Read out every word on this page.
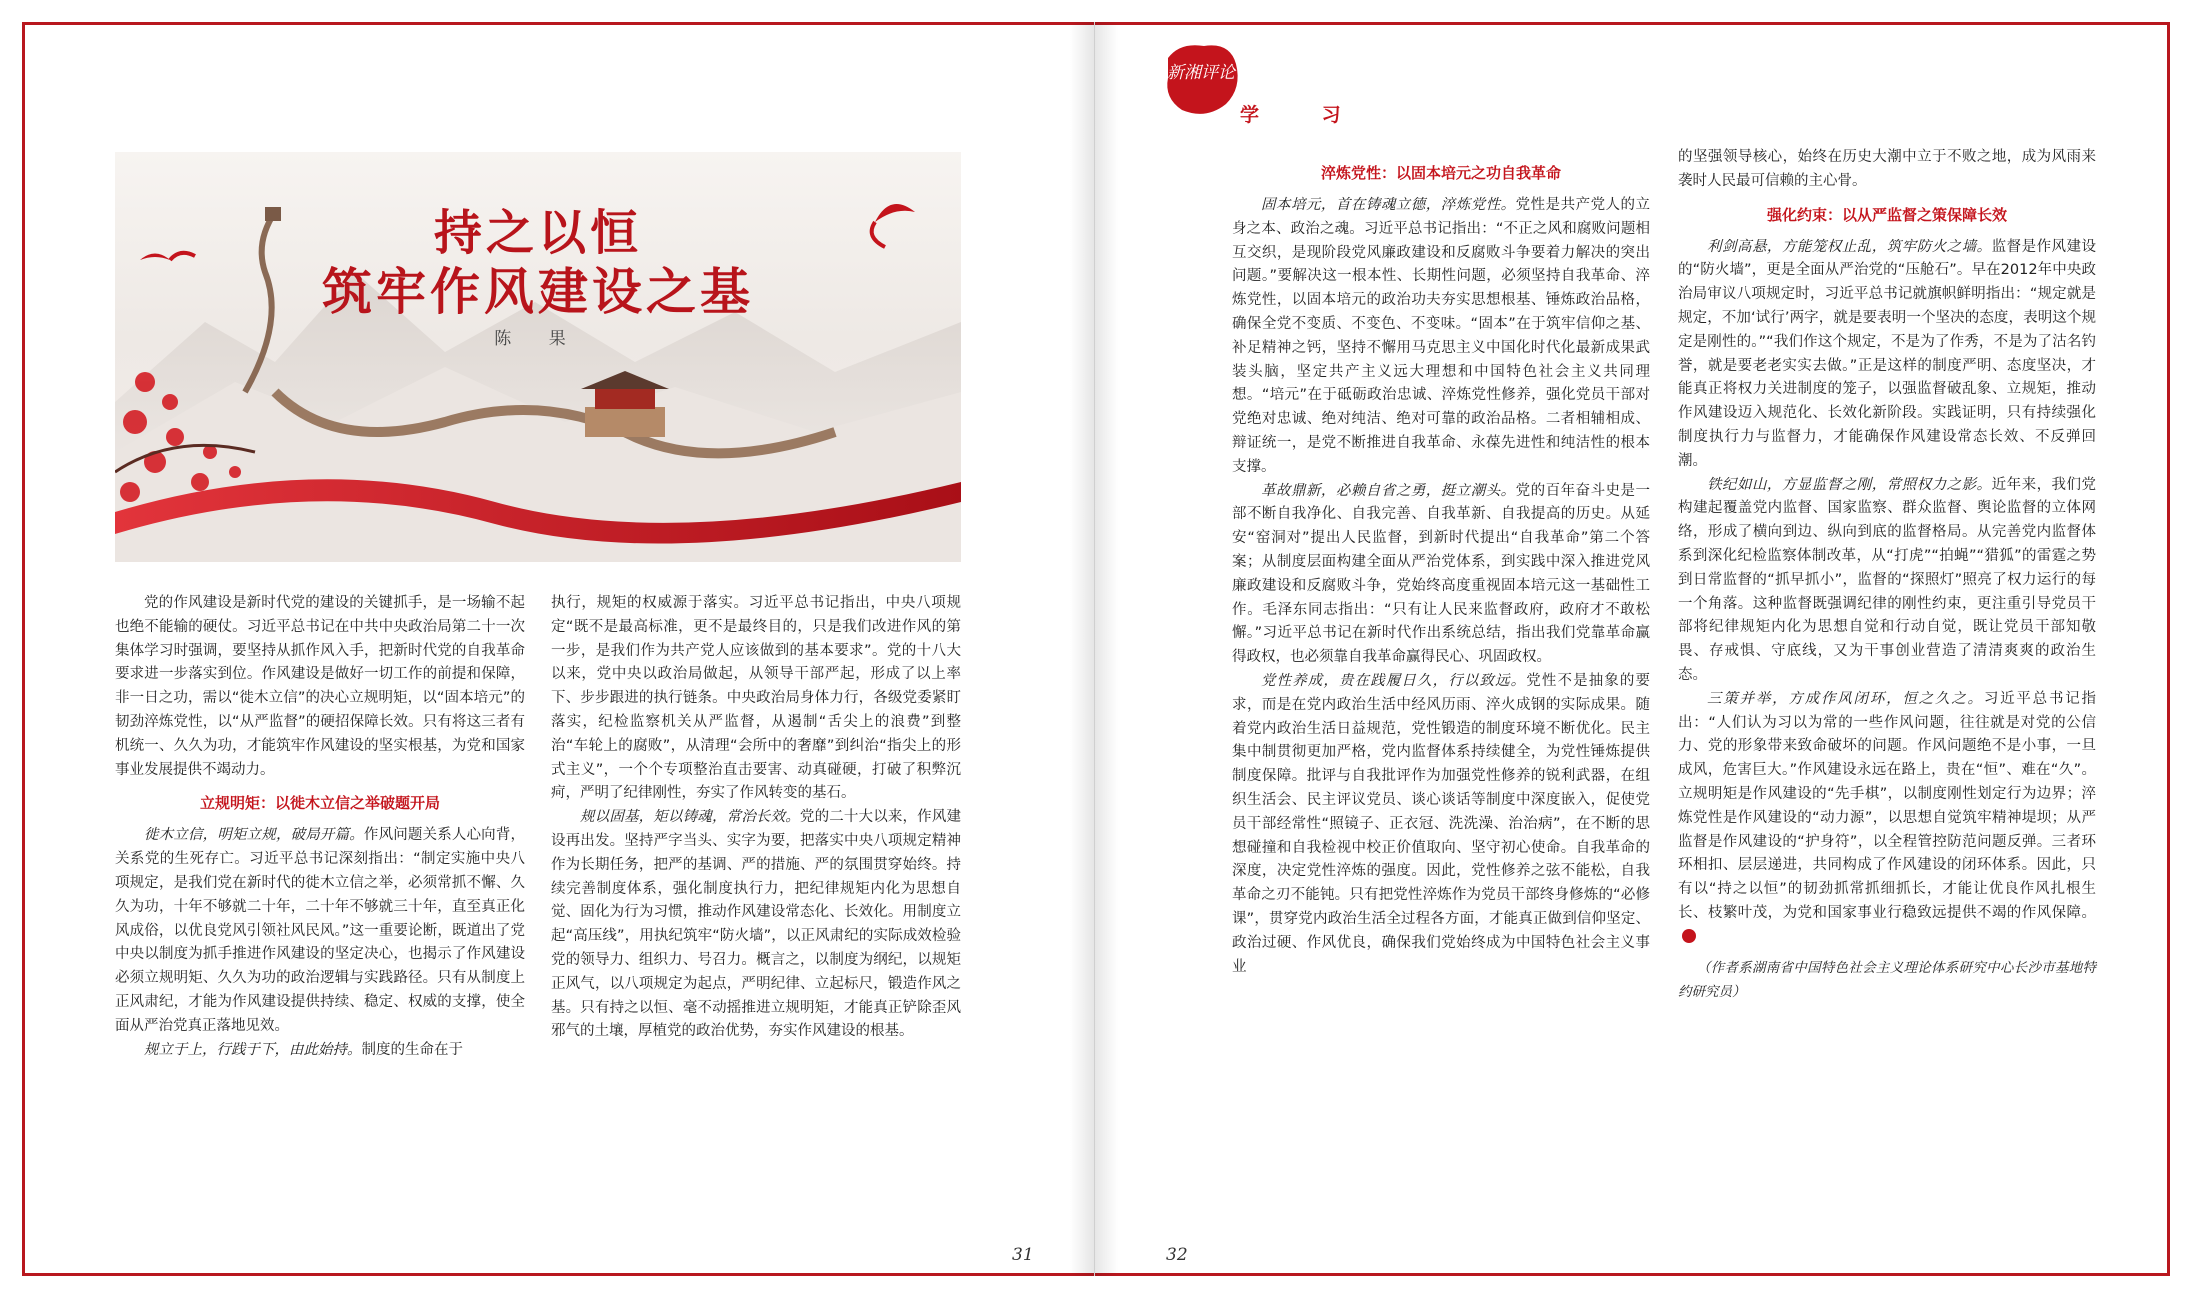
持之以恒
筑牢作风建设之基
陈 果

党的作风建设是新时代党的建设的关键抓手，是一场输不起也绝不能输的硬仗。习近平总书记在中共中央政治局第二十一次集体学习时强调，要坚持从抓作风入手，把新时代党的自我革命要求进一步落实到位。作风建设是做好一切工作的前提和保障，非一日之功，需以“徙木立信”的决心立规明矩，以“固本培元”的韧劲淬炼党性，以“从严监督”的硬招保障长效。只有将这三者有机统一、久久为功，才能筑牢作风建设的坚实根基，为党和国家事业发展提供不竭动力。

立规明矩：以徙木立信之举破题开局

徙木立信，明矩立规，破局开篇。作风问题关系人心向背，关系党的生死存亡。习近平总书记深刻指出：“制定实施中央八项规定，是我们党在新时代的徙木立信之举，必须常抓不懈、久久为功，十年不够就二十年，二十年不够就三十年，直至真正化风成俗，以优良党风引领社风民风。”这一重要论断，既道出了党中央以制度为抓手推进作风建设的坚定决心，也揭示了作风建设必须立规明矩、久久为功的政治逻辑与实践路径。只有从制度上正风肃纪，才能为作风建设提供持续、稳定、权威的支撑，使全面从严治党真正落地见效。

规立于上，行践于下，由此始持。制度的生命在于

执行，规矩的权威源于落实。习近平总书记指出，中央八项规定“既不是最高标准，更不是最终目的，只是我们改进作风的第一步，是我们作为共产党人应该做到的基本要求”。党的十八大以来，党中央以政治局做起，从领导干部严起，形成了以上率下、步步跟进的执行链条。中央政治局身体力行，各级党委紧盯落实，纪检监察机关从严监督，从遏制“舌尖上的浪费”到整治“车轮上的腐败”，从清理“会所中的奢靡”到纠治“指尖上的形式主义”，一个个专项整治直击要害、动真碰硬，打破了积弊沉疴，严明了纪律刚性，夯实了作风转变的基石。

规以固基，矩以铸魂，常治长效。党的二十大以来，作风建设再出发。坚持严字当头、实字为要，把落实中央八项规定精神作为长期任务，把严的基调、严的措施、严的氛围贯穿始终。持续完善制度体系，强化制度执行力，把纪律规矩内化为思想自觉、固化为行为习惯，推动作风建设常态化、长效化。用制度立起“高压线”，用执纪筑牢“防火墙”，以正风肃纪的实际成效检验党的领导力、组织力、号召力。概言之，以制度为纲纪，以规矩正风气，以八项规定为起点，严明纪律、立起标尺，锻造作风之基。只有持之以恒、毫不动摇推进立规明矩，才能真正铲除歪风邪气的土壤，厚植党的政治优势，夯实作风建设的根基。

31
新湘评论
学 习
淬炼党性：以固本培元之功自我革命

固本培元，首在铸魂立德，淬炼党性。党性是共产党人的立身之本、政治之魂。习近平总书记指出：“不正之风和腐败问题相互交织，是现阶段党风廉政建设和反腐败斗争要着力解决的突出问题。”要解决这一根本性、长期性问题，必须坚持自我革命、淬炼党性，以固本培元的政治功夫夯实思想根基、锤炼政治品格，确保全党不变质、不变色、不变味。“固本”在于筑牢信仰之基、补足精神之钙，坚持不懈用马克思主义中国化时代化最新成果武装头脑，坚定共产主义远大理想和中国特色社会主义共同理想。“培元”在于砥砺政治忠诚、淬炼党性修养，强化党员干部对党绝对忠诚、绝对纯洁、绝对可靠的政治品格。二者相辅相成、辩证统一，是党不断推进自我革命、永葆先进性和纯洁性的根本支撑。

革故鼎新，必赖自省之勇，挺立潮头。党的百年奋斗史是一部不断自我净化、自我完善、自我革新、自我提高的历史。从延安“窑洞对”提出人民监督，到新时代提出“自我革命”第二个答案；从制度层面构建全面从严治党体系，到实践中深入推进党风廉政建设和反腐败斗争，党始终高度重视固本培元这一基础性工作。毛泽东同志指出：“只有让人民来监督政府，政府才不敢松懈。”习近平总书记在新时代作出系统总结，指出我们党靠革命赢得政权，也必须靠自我革命赢得民心、巩固政权。

党性养成，贵在践履日久，行以致远。党性不是抽象的要求，而是在党内政治生活中经风历雨、淬火成钢的实际成果。随着党内政治生活日益规范，党性锻造的制度环境不断优化。民主集中制贯彻更加严格，党内监督体系持续健全，为党性锤炼提供制度保障。批评与自我批评作为加强党性修养的锐利武器，在组织生活会、民主评议党员、谈心谈话等制度中深度嵌入，促使党员干部经常性“照镜子、正衣冠、洗洗澡、治治病”，在不断的思想碰撞和自我检视中校正价值取向、坚守初心使命。自我革命的深度，决定党性淬炼的强度。因此，党性修养之弦不能松，自我革命之刃不能钝。只有把党性淬炼作为党员干部终身修炼的“必修课”，贯穿党内政治生活全过程各方面，才能真正做到信仰坚定、政治过硬、作风优良，确保我们党始终成为中国特色社会主义事业

的坚强领导核心，始终在历史大潮中立于不败之地，成为风雨来袭时人民最可信赖的主心骨。

强化约束：以从严监督之策保障长效

利剑高悬，方能笼权止乱，筑牢防火之墙。监督是作风建设的“防火墙”，更是全面从严治党的“压舱石”。早在2012年中央政治局审议八项规定时，习近平总书记就旗帜鲜明指出：“规定就是规定，不加‘试行’两字，就是要表明一个坚决的态度，表明这个规定是刚性的。”“我们作这个规定，不是为了作秀，不是为了沽名钓誉，就是要老老实实去做。”正是这样的制度严明、态度坚决，才能真正将权力关进制度的笼子，以强监督破乱象、立规矩，推动作风建设迈入规范化、长效化新阶段。实践证明，只有持续强化制度执行力与监督力，才能确保作风建设常态长效、不反弹回潮。

铁纪如山，方显监督之刚，常照权力之影。近年来，我们党构建起覆盖党内监督、国家监察、群众监督、舆论监督的立体网络，形成了横向到边、纵向到底的监督格局。从完善党内监督体系到深化纪检监察体制改革，从“打虎”“拍蝇”“猎狐”的雷霆之势到日常监督的“抓早抓小”，监督的“探照灯”照亮了权力运行的每一个角落。这种监督既强调纪律的刚性约束，更注重引导党员干部将纪律规矩内化为思想自觉和行动自觉，既让党员干部知敬畏、存戒惧、守底线，又为干事创业营造了清清爽爽的政治生态。

三策并举，方成作风闭环，恒之久之。习近平总书记指出：“人们认为习以为常的一些作风问题，往往就是对党的公信力、党的形象带来致命破坏的问题。作风问题绝不是小事，一旦成风，危害巨大。”作风建设永远在路上，贵在“恒”、难在“久”。立规明矩是作风建设的“先手棋”，以制度刚性划定行为边界；淬炼党性是作风建设的“动力源”，以思想自觉筑牢精神堤坝；从严监督是作风建设的“护身符”，以全程管控防范问题反弹。三者环环相扣、层层递进，共同构成了作风建设的闭环体系。因此，只有以“持之以恒”的韧劲抓常抓细抓长，才能让优良作风扎根生长、枝繁叶茂，为党和国家事业行稳致远提供不竭的作风保障。

（作者系湖南省中国特色社会主义理论体系研究中心长沙市基地特约研究员）

32
